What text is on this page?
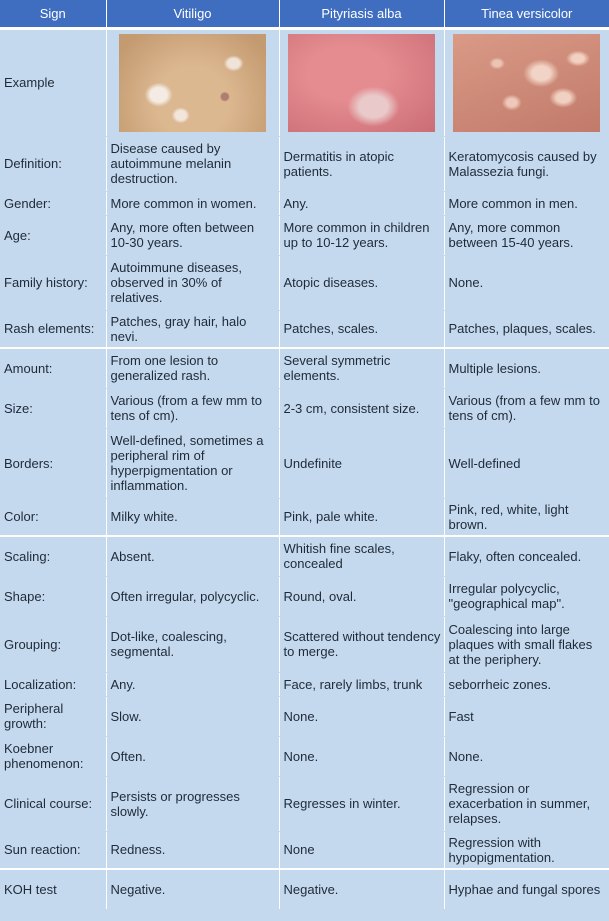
Sign	Vitiligo	Pityriasis alba	Tinea versicolor
Example			
Definition:	Disease caused by autoimmune melanin destruction.	Dermatitis in atopic patients.	Keratomycosis caused by Malassezia fungi.
Gender:	More common in women.	Any.	More common in men.
Age:	Any, more often between 10-30 years.	More common in children up to 10-12 years.	Any, more common between 15-40 years.
Family history:	Autoimmune diseases, observed in 30% of relatives.	Atopic diseases.	None.
Rash elements:	Patches, gray hair, halo nevi.	Patches, scales.	Patches, plaques, scales.
Amount:	From one lesion to generalized rash.	Several symmetric elements.	Multiple lesions.
Size:	Various (from a few mm to tens of cm).	2-3 cm, consistent size.	Various (from a few mm to tens of cm).
Borders:	Well-defined, sometimes a peripheral rim of hyperpigmentation or inflammation.	Undefinite	Well-defined
Color:	Milky white.	Pink, pale white.	Pink, red, white, light brown.
Scaling:	Absent.	Whitish fine scales, concealed	Flaky, often concealed.
Shape:	Often irregular, polycyclic.	Round, oval.	Irregular polycyclic, "geographical map".
Grouping:	Dot-like, coalescing, segmental.	Scattered without tendency to merge.	Coalescing into large plaques with small flakes at the periphery.
Localization:	Any.	Face, rarely limbs, trunk	seborrheic zones.
Peripheral growth:	Slow.	None.	Fast
Koebner phenomenon:	Often.	None.	None.
Clinical course:	Persists or progresses slowly.	Regresses in winter.	Regression or exacerbation in summer, relapses.
Sun reaction:	Redness.	None	Regression with hypopigmentation.
KOH test	Negative.	Negative.	Hyphae and fungal spores
